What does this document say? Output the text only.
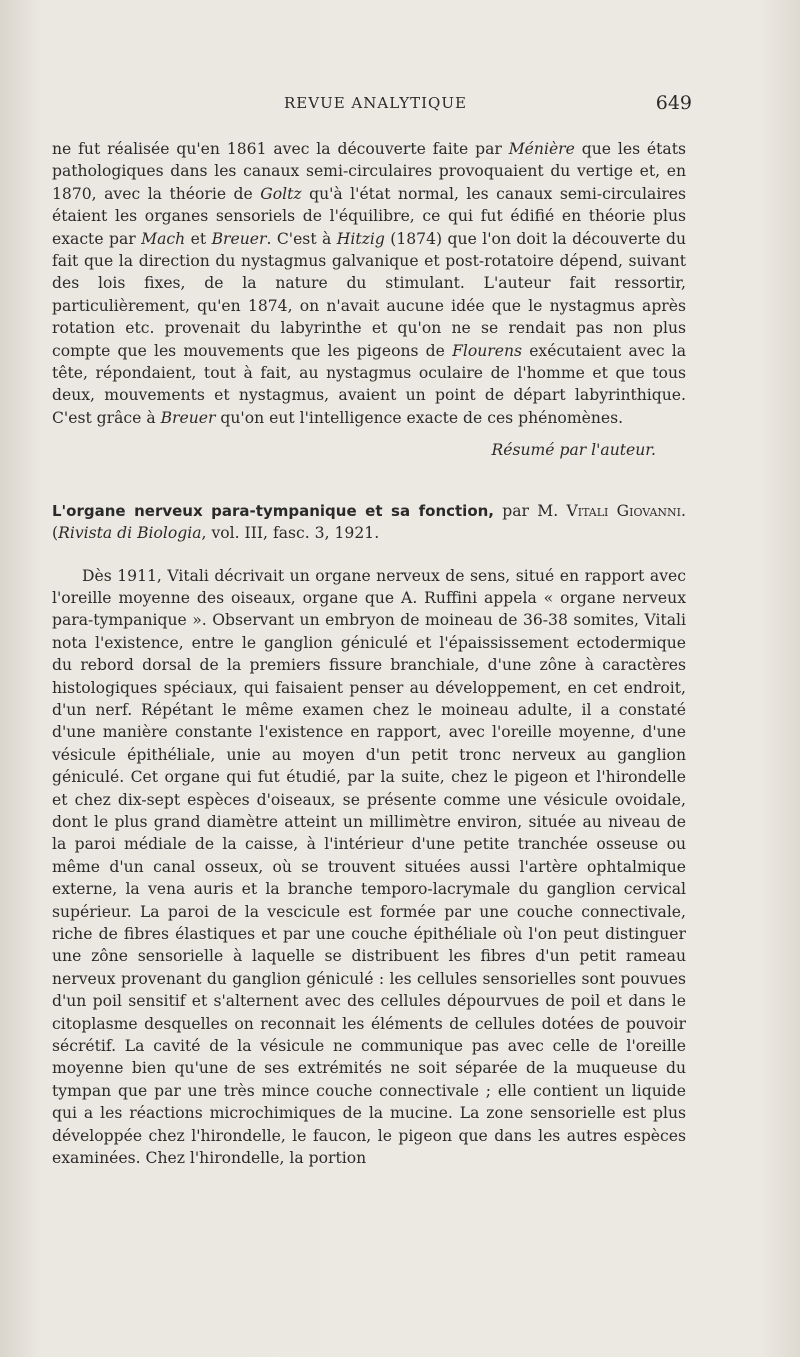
REVUE ANALYTIQUE	649

ne fut réalisée qu'en 1861 avec la découverte faite par Ménière que les états pathologiques dans les canaux semi-circulaires provoquaient du vertige et, en 1870, avec la théorie de Goltz qu'à l'état normal, les canaux semi-circulaires étaient les organes sensoriels de l'équilibre, ce qui fut édifié en théorie plus exacte par Mach et Breuer. C'est à Hitzig (1874) que l'on doit la découverte du fait que la direction du nystagmus galvanique et post-rotatoire dépend, suivant des lois fixes, de la nature du stimulant. L'auteur fait ressortir, particulièrement, qu'en 1874, on n'avait aucune idée que le nystagmus après rotation etc. provenait du labyrinthe et qu'on ne se rendait pas non plus compte que les mouvements que les pigeons de Flourens exécutaient avec la tête, répondaient, tout à fait, au nystagmus oculaire de l'homme et que tous deux, mouvements et nystagmus, avaient un point de départ labyrinthique. C'est grâce à Breuer qu'on eut l'intelligence exacte de ces phénomènes.

Résumé par l'auteur.

L'organe nerveux para-tympanique et sa fonction, par M. Vitali Giovanni. (Rivista di Biologia, vol. III, fasc. 3, 1921.

Dès 1911, Vitali décrivait un organe nerveux de sens, situé en rapport avec l'oreille moyenne des oiseaux, organe que A. Ruffini appela « organe nerveux para-tympanique ». Observant un embryon de moineau de 36-38 somites, Vitali nota l'existence, entre le ganglion géniculé et l'épaississement ectodermique du rebord dorsal de la premiers fissure branchiale, d'une zône à caractères histologiques spéciaux, qui faisaient penser au développement, en cet endroit, d'un nerf. Répétant le même examen chez le moineau adulte, il a constaté d'une manière constante l'existence en rapport, avec l'oreille moyenne, d'une vésicule épithéliale, unie au moyen d'un petit tronc nerveux au ganglion géniculé. Cet organe qui fut étudié, par la suite, chez le pigeon et l'hirondelle et chez dix-sept espèces d'oiseaux, se présente comme une vésicule ovoidale, dont le plus grand diamètre atteint un millimètre environ, située au niveau de la paroi médiale de la caisse, à l'intérieur d'une petite tranchée osseuse ou même d'un canal osseux, où se trouvent situées aussi l'artère ophtalmique externe, la vena auris et la branche temporo-lacrymale du ganglion cervical supérieur. La paroi de la vescicule est formée par une couche connectivale, riche de fibres élastiques et par une couche épithéliale où l'on peut distinguer une zône sensorielle à laquelle se distribuent les fibres d'un petit rameau nerveux provenant du ganglion géniculé : les cellules sensorielles sont pouvues d'un poil sensitif et s'alternent avec des cellules dépourvues de poil et dans le citoplasme desquelles on reconnait les éléments de cellules dotées de pouvoir sécrétif. La cavité de la vésicule ne communique pas avec celle de l'oreille moyenne bien qu'une de ses extrémités ne soit séparée de la muqueuse du tympan que par une très mince couche connectivale ; elle contient un liquide qui a les réactions microchimiques de la mucine. La zone sensorielle est plus développée chez l'hirondelle, le faucon, le pigeon que dans les autres espèces examinées. Chez l'hirondelle, la portion
